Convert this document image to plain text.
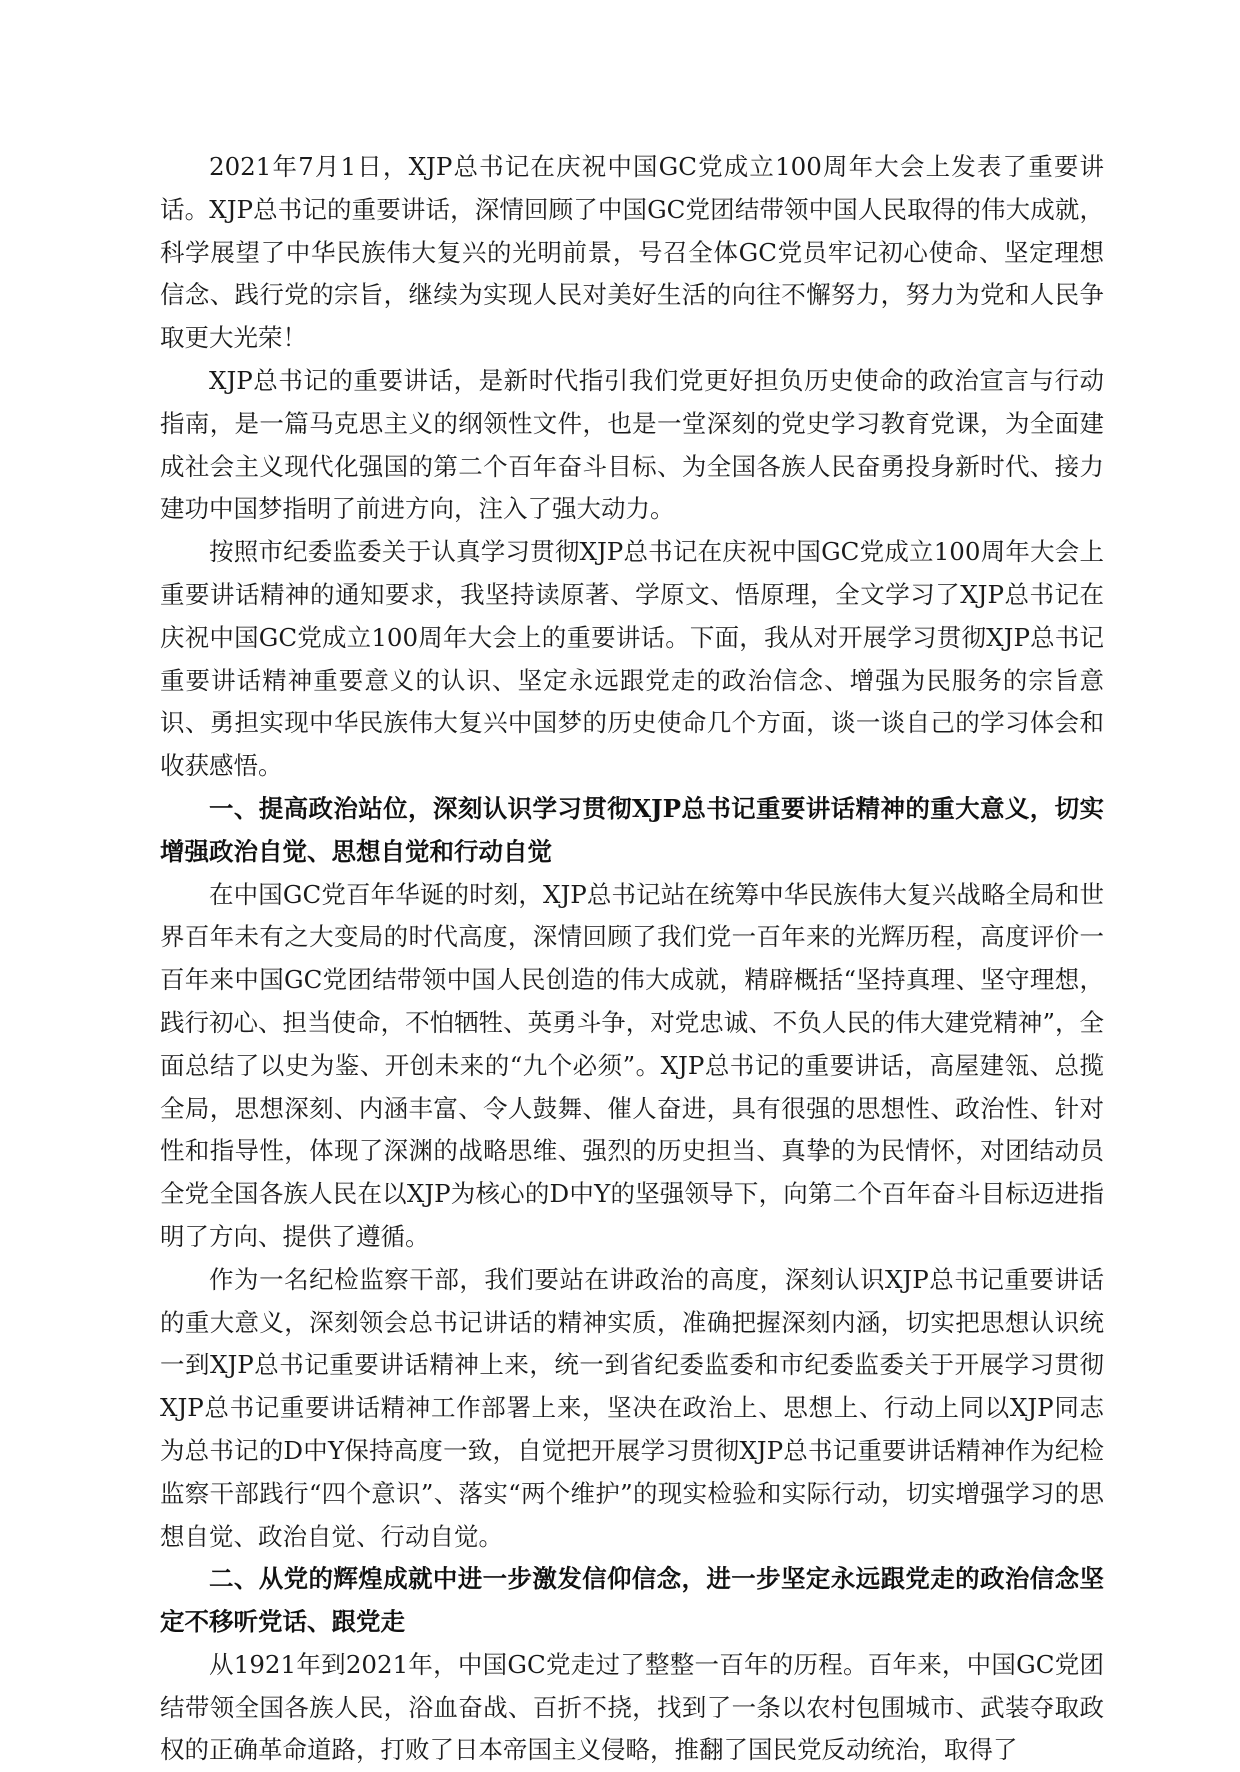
2021年7月1日，XJP总书记在庆祝中国GC党成立100周年大会上发表了重要讲话。XJP总书记的重要讲话，深情回顾了中国GC党团结带领中国人民取得的伟大成就，科学展望了中华民族伟大复兴的光明前景，号召全体GC党员牢记初心使命、坚定理想信念、践行党的宗旨，继续为实现人民对美好生活的向往不懈努力，努力为党和人民争取更大光荣！

XJP总书记的重要讲话，是新时代指引我们党更好担负历史使命的政治宣言与行动指南，是一篇马克思主义的纲领性文件，也是一堂深刻的党史学习教育党课，为全面建成社会主义现代化强国的第二个百年奋斗目标、为全国各族人民奋勇投身新时代、接力建功中国梦指明了前进方向，注入了强大动力。

按照市纪委监委关于认真学习贯彻XJP总书记在庆祝中国GC党成立100周年大会上重要讲话精神的通知要求，我坚持读原著、学原文、悟原理，全文学习了XJP总书记在庆祝中国GC党成立100周年大会上的重要讲话。下面，我从对开展学习贯彻XJP总书记重要讲话精神重要意义的认识、坚定永远跟党走的政治信念、增强为民服务的宗旨意识、勇担实现中华民族伟大复兴中国梦的历史使命几个方面，谈一谈自己的学习体会和收获感悟。

一、提高政治站位，深刻认识学习贯彻XJP总书记重要讲话精神的重大意义，切实增强政治自觉、思想自觉和行动自觉

在中国GC党百年华诞的时刻，XJP总书记站在统筹中华民族伟大复兴战略全局和世界百年未有之大变局的时代高度，深情回顾了我们党一百年来的光辉历程，高度评价一百年来中国GC党团结带领中国人民创造的伟大成就，精辟概括“坚持真理、坚守理想，践行初心、担当使命，不怕牺牲、英勇斗争，对党忠诚、不负人民的伟大建党精神”，全面总结了以史为鉴、开创未来的“九个必须”。XJP总书记的重要讲话，高屋建瓴、总揽全局，思想深刻、内涵丰富、令人鼓舞、催人奋进，具有很强的思想性、政治性、针对性和指导性，体现了深渊的战略思维、强烈的历史担当、真挚的为民情怀，对团结动员全党全国各族人民在以XJP为核心的D中Y的坚强领导下，向第二个百年奋斗目标迈进指明了方向、提供了遵循。

作为一名纪检监察干部，我们要站在讲政治的高度，深刻认识XJP总书记重要讲话的重大意义，深刻领会总书记讲话的精神实质，准确把握深刻内涵，切实把思想认识统一到XJP总书记重要讲话精神上来，统一到省纪委监委和市纪委监委关于开展学习贯彻XJP总书记重要讲话精神工作部署上来，坚决在政治上、思想上、行动上同以XJP同志为总书记的D中Y保持高度一致，自觉把开展学习贯彻XJP总书记重要讲话精神作为纪检监察干部践行“四个意识”、落实“两个维护”的现实检验和实际行动，切实增强学习的思想自觉、政治自觉、行动自觉。

二、从党的辉煌成就中进一步激发信仰信念，进一步坚定永远跟党走的政治信念坚定不移听党话、跟党走

从1921年到2021年，中国GC党走过了整整一百年的历程。百年来，中国GC党团结带领全国各族人民，浴血奋战、百折不挠，找到了一条以农村包围城市、武装夺取政权的正确革命道路，打败了日本帝国主义侵略，推翻了国民党反动统治，取得了
